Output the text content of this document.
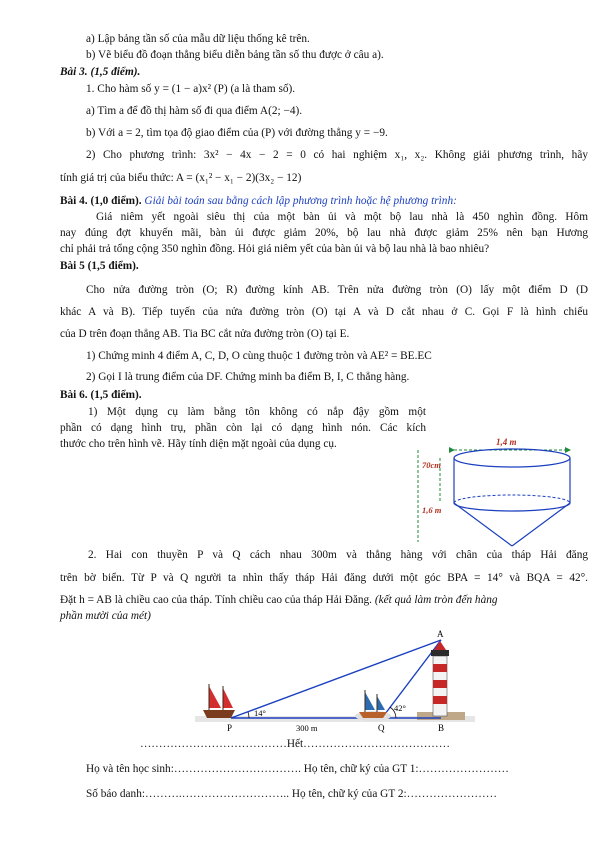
a) Lập bảng tần số của mẫu dữ liệu thống kê trên.
b) Vẽ biểu đồ đoạn thẳng biểu diễn bảng tần số thu được ở câu a).
Bài 3. (1,5 điểm).
1. Cho hàm số y = (1 − a)x² (P) (a là tham số).
a) Tìm a để đồ thị hàm số đi qua điểm A(2; −4).
b) Với a = 2, tìm tọa độ giao điểm của (P) với đường thẳng y = −9.
2) Cho phương trình: 3x² − 4x − 2 = 0 có hai nghiệm x₁, x₂. Không giải phương trình, hãy
tính giá trị của biểu thức: A = (x₁² − x₁ − 2)(3x₂ − 12)
Bài 4. (1,0 điểm). Giải bài toán sau bằng cách lập phương trình hoặc hệ phương trình:
Giá niêm yết ngoài siêu thị của một bàn ủi và một bộ lau nhà là 450 nghìn đồng. Hôm
nay đúng đợt khuyến mãi, bàn ủi được giảm 20%, bộ lau nhà được giảm 25% nên bạn Hương
chỉ phải trả tổng cộng 350 nghìn đồng. Hỏi giá niêm yết của bàn ủi và bộ lau nhà là bao nhiêu?
Bài 5 (1,5 điểm).
Cho nửa đường tròn (O; R) đường kính AB. Trên nửa đường tròn (O) lấy một điểm D (D
khác A và B). Tiếp tuyến của nửa đường tròn (O) tại A và D cắt nhau ở C. Gọi F là hình chiếu
của D trên đoạn thẳng AB. Tia BC cắt nửa đường tròn (O) tại E.
1) Chứng minh 4 điểm A, C, D, O cùng thuộc 1 đường tròn và AE² = BE.EC
2) Gọi I là trung điểm của DF. Chứng minh ba điểm B, I, C thẳng hàng.
Bài 6. (1,5 điểm).
1) Một dụng cụ làm bằng tôn không có nắp đậy gồm một
phần có dạng hình trụ, phần còn lại có dạng hình nón. Các kích
thước cho trên hình vẽ. Hãy tính diện mặt ngoài của dụng cụ.	1,4 m
70cm
1,6 m
2. Hai con thuyền P và Q cách nhau 300m và thẳng hàng với chân của tháp Hải đăng
trên bờ biển. Từ P và Q người ta nhìn thấy tháp Hải đăng dưới một góc BPA = 14° và BQA = 42°.
Đặt h = AB là chiều cao của tháp. Tính chiều cao của tháp Hải Đăng. (kết quả làm tròn đến hàng
phần mười của mét)
A
P	Q	B
14°	42°
300 m
…………………………………Hết…………………………………
Họ và tên học sinh:……………………………. Họ tên, chữ ký của GT 1:……………………
Số báo danh:……….……………………….. Họ tên, chữ ký của GT 2:……………………
